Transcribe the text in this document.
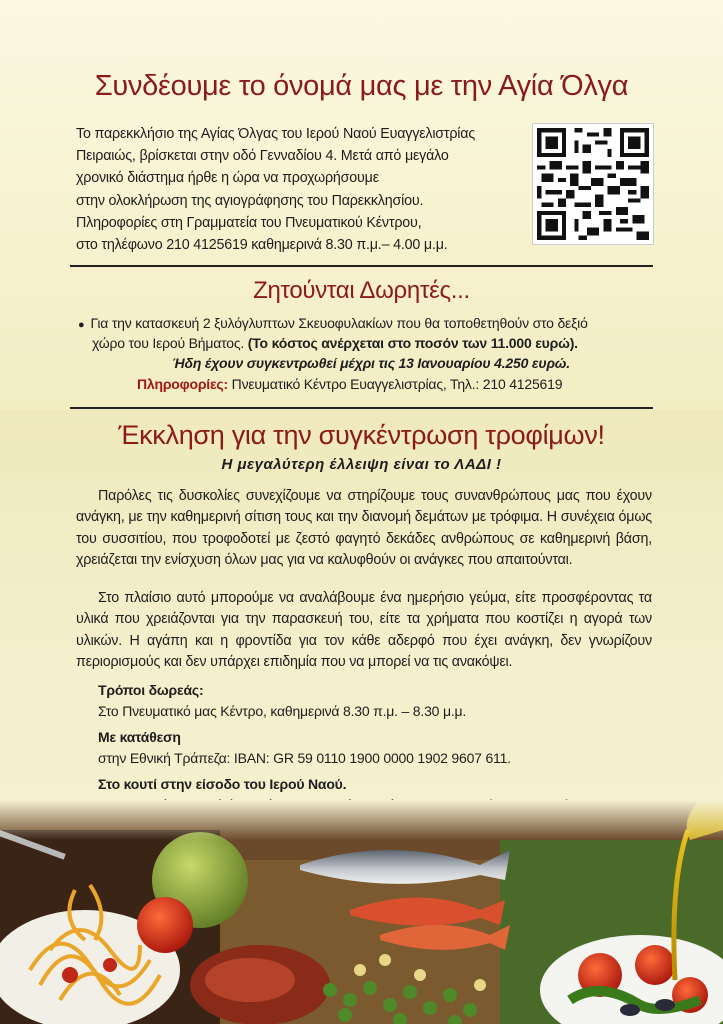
Συνδέουμε το όνομά μας με την Αγία Όλγα
Το παρεκκλήσιο της Αγίας Όλγας του Ιερού Ναού Ευαγγελιστρίας
Πειραιώς, βρίσκεται στην οδό Γενναδίου 4. Μετά από μεγάλο
χρονικό διάστημα ήρθε η ώρα να προχωρήσουμε
στην ολοκλήρωση της αγιογράφησης του Παρεκκλησίου.
Πληροφορίες στη Γραμματεία του Πνευματικού Κέντρου,
στο τηλέφωνο 210 4125619 καθημερινά 8.30 π.μ.– 4.00 μ.μ.
Ζητούνται Δωρητές...
● Για την κατασκευή 2 ξυλόγλυπτων Σκευοφυλακίων που θα τοποθετηθούν στο δεξιό
χώρο του Ιερού Βήματος. (Το κόστος ανέρχεται στο ποσόν των 11.000 ευρώ).
Ήδη έχουν συγκεντρωθεί μέχρι τις 13 Ιανουαρίου 4.250 ευρώ.
Πληροφορίες: Πνευματικό Κέντρο Ευαγγελιστρίας, Τηλ.: 210 4125619
Έκκληση για την συγκέντρωση τροφίμων!
Η μεγαλύτερη έλλειψη είναι το ΛΑΔΙ !
Παρόλες τις δυσκολίες συνεχίζουμε να στηρίζουμε τους συνανθρώπους μας που έχουν ανάγκη, με την καθημερινή σίτιση τους και την διανομή δεμάτων με τρόφιμα. Η συνέχεια όμως του συσσιτίου, που τροφοδοτεί με ζεστό φαγητό δεκάδες ανθρώπους σε καθημερινή βάση, χρειάζεται την ενίσχυση όλων μας για να καλυφθούν οι ανάγκες που απαιτούνται.
Στο πλαίσιο αυτό μπορούμε να αναλάβουμε ένα ημερήσιο γεύμα, είτε προσφέροντας τα υλικά που χρειάζονται για την παρασκευή του, είτε τα χρήματα που κοστίζει η αγορά των υλικών. Η αγάπη και η φροντίδα για τον κάθε αδερφό που έχει ανάγκη, δεν γνωρίζουν περιορισμούς και δεν υπάρχει επιδημία που να μπορεί να τις ανακόψει.
Τρόποι δωρεάς:
Στο Πνευματικό μας Κέντρο, καθημερινά 8.30 π.μ. – 8.30 μ.μ.
Με κατάθεση
στην Εθνική Τράπεζα: IBAN: GR 59 0110 1900 0000 1902 9607 611.
Στο κουτί στην είσοδο του Ιερού Ναού.
